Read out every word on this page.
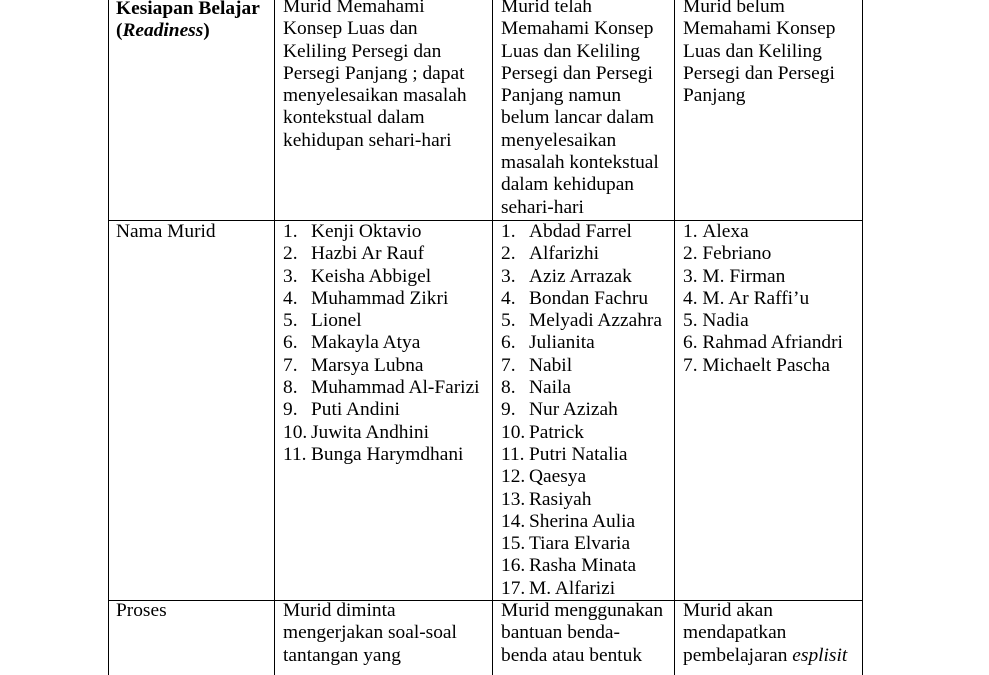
Kesiapan Belajar
(Readiness)
Murid Memahami
Konsep Luas dan
Keliling Persegi dan
Persegi Panjang ; dapat
menyelesaikan masalah
kontekstual dalam
kehidupan sehari-hari
Murid telah
Memahami Konsep
Luas dan Keliling
Persegi dan Persegi
Panjang namun
belum lancar dalam
menyelesaikan
masalah kontekstual
dalam kehidupan
sehari-hari
Murid belum
Memahami Konsep
Luas dan Keliling
Persegi dan Persegi
Panjang
Nama Murid	1. Kenji Oktavio
2. Hazbi Ar Rauf
3. Keisha Abbigel
4. Muhammad Zikri
5. Lionel
6. Makayla Atya
7. Marsya Lubna
8. Muhammad Al-Farizi
9. Puti Andini
10. Juwita Andhini
11. Bunga Harymdhani
1. Abdad Farrel
2. Alfarizhi
3. Aziz Arrazak
4. Bondan Fachru
5. Melyadi Azzahra
6. Julianita
7. Nabil
8. Naila
9. Nur Azizah
10. Patrick
11. Putri Natalia
12. Qaesya
13. Rasiyah
14. Sherina Aulia
15. Tiara Elvaria
16. Rasha Minata
17. M. Alfarizi
1. Alexa
2. Febriano
3. M. Firman
4. M. Ar Raffi’u
5. Nadia
6. Rahmad Afriandri
7. Michaelt Pascha
Proses	Murid diminta
mengerjakan soal-soal
tantangan yang
Murid menggunakan
bantuan benda-
benda atau bentuk
Murid akan
mendapatkan
pembelajaran esplisit
